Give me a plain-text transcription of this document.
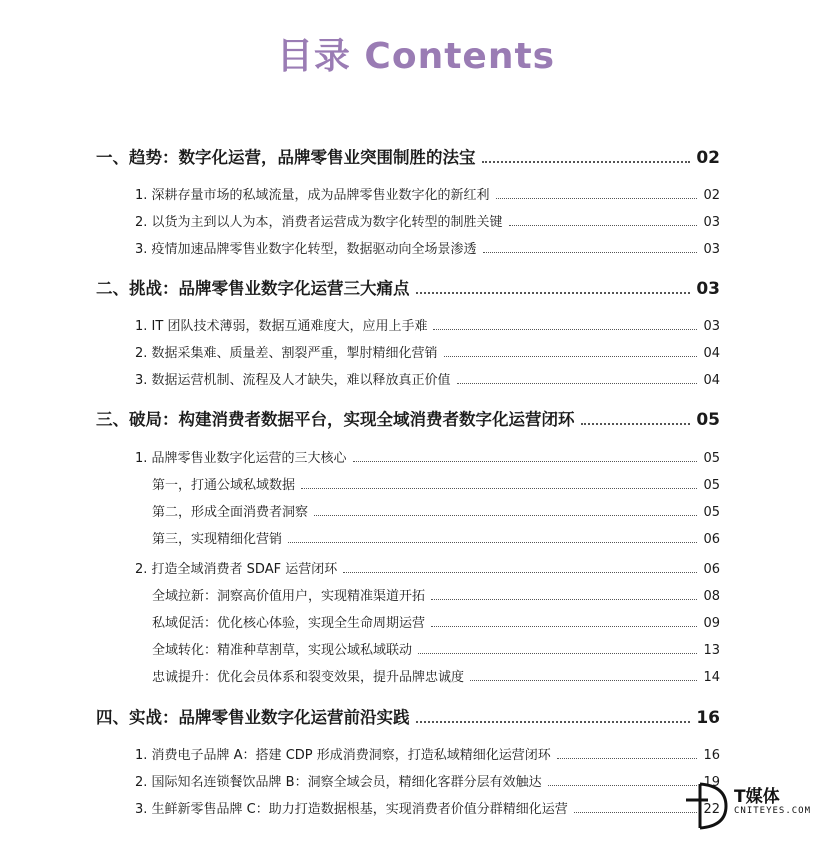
目录 Contents
一、趋势：数字化运营，品牌零售业突围制胜的法宝	02
1. 深耕存量市场的私域流量，成为品牌零售业数字化的新红利	02
2. 以货为主到以人为本，消费者运营成为数字化转型的制胜关键	03
3. 疫情加速品牌零售业数字化转型，数据驱动向全场景渗透	03
二、挑战：品牌零售业数字化运营三大痛点	03
1. IT 团队技术薄弱，数据互通难度大，应用上手难	03
2. 数据采集难、质量差、割裂严重，掣肘精细化营销	04
3. 数据运营机制、流程及人才缺失，难以释放真正价值	04
三、破局：构建消费者数据平台，实现全域消费者数字化运营闭环	05
1. 品牌零售业数字化运营的三大核心	05
第一，打通公域私域数据	05
第二，形成全面消费者洞察	05
第三，实现精细化营销	06
2. 打造全域消费者 SDAF 运营闭环	06
全域拉新：洞察高价值用户，实现精准渠道开拓	08
私域促活：优化核心体验，实现全生命周期运营	09
全域转化：精准种草割草，实现公域私域联动	13
忠诚提升：优化会员体系和裂变效果，提升品牌忠诚度	14
四、实战：品牌零售业数字化运营前沿实践	16
1. 消费电子品牌 A：搭建 CDP 形成消费洞察，打造私域精细化运营闭环	16
2. 国际知名连锁餐饮品牌 B：洞察全域会员，精细化客群分层有效触达	19
3. 生鲜新零售品牌 C：助力打造数据根基，实现消费者价值分群精细化运营	22
T媒体
CNITEYES.COM
